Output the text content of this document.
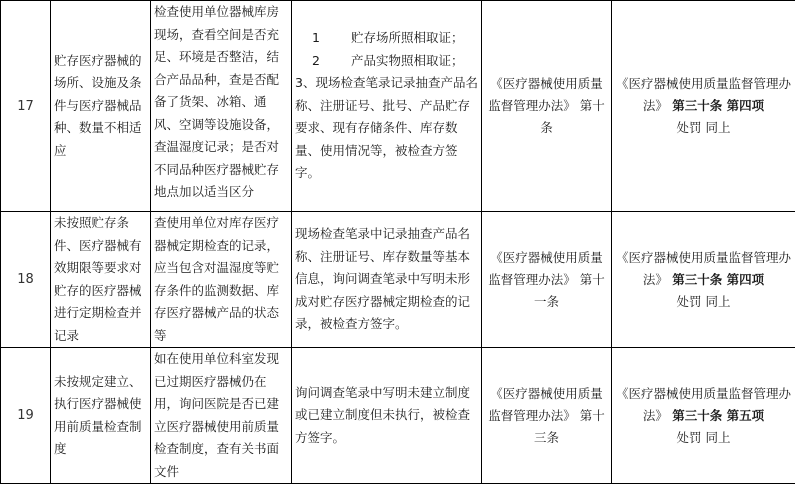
17	贮存医疗器械的场所、设施及条件与医疗器械品种、数量不相适应	检查使用单位器械库房现场，查看空间是否充足、环境是否整洁，结合产品品种，查是否配备了货架、冰箱、通风、空调等设施设备，查温湿度记录；是否对不同品种医疗器械贮存地点加以适当区分	1 贮存场所照相取证；
2 产品实物照相取证；
3、现场检查笔录记录抽查产品名称、注册证号、批号、产品贮存要求、现有存储条件、库存数量、使用情况等，被检查方签字。	《医疗器械使用质量监督管理办法》 第十条	《医疗器械使用质量监督管理办法》 第三十条 第四项
处罚 同上

18	未按照贮存条件、医疗器械有效期限等要求对贮存的医疗器械进行定期检查并记录	查使用单位对库存医疗器械定期检查的记录，应当包含对温湿度等贮存条件的监测数据、库存医疗器械产品的状态等	现场检查笔录中记录抽查产品名称、注册证号、库存数量等基本信息，询问调查笔录中写明未形成对贮存医疗器械定期检查的记录，被检查方签字。	《医疗器械使用质量监督管理办法》 第十一条	《医疗器械使用质量监督管理办法》 第三十条 第四项
处罚 同上

19	未按规定建立、执行医疗器械使用前质量检查制度	如在使用单位科室发现已过期医疗器械仍在用，询问医院是否已建立医疗器械使用前质量检查制度，查有关书面文件	询问调查笔录中写明未建立制度或已建立制度但未执行，被检查方签字。	《医疗器械使用质量监督管理办法》 第十三条	《医疗器械使用质量监督管理办法》 第三十条 第五项
处罚 同上
